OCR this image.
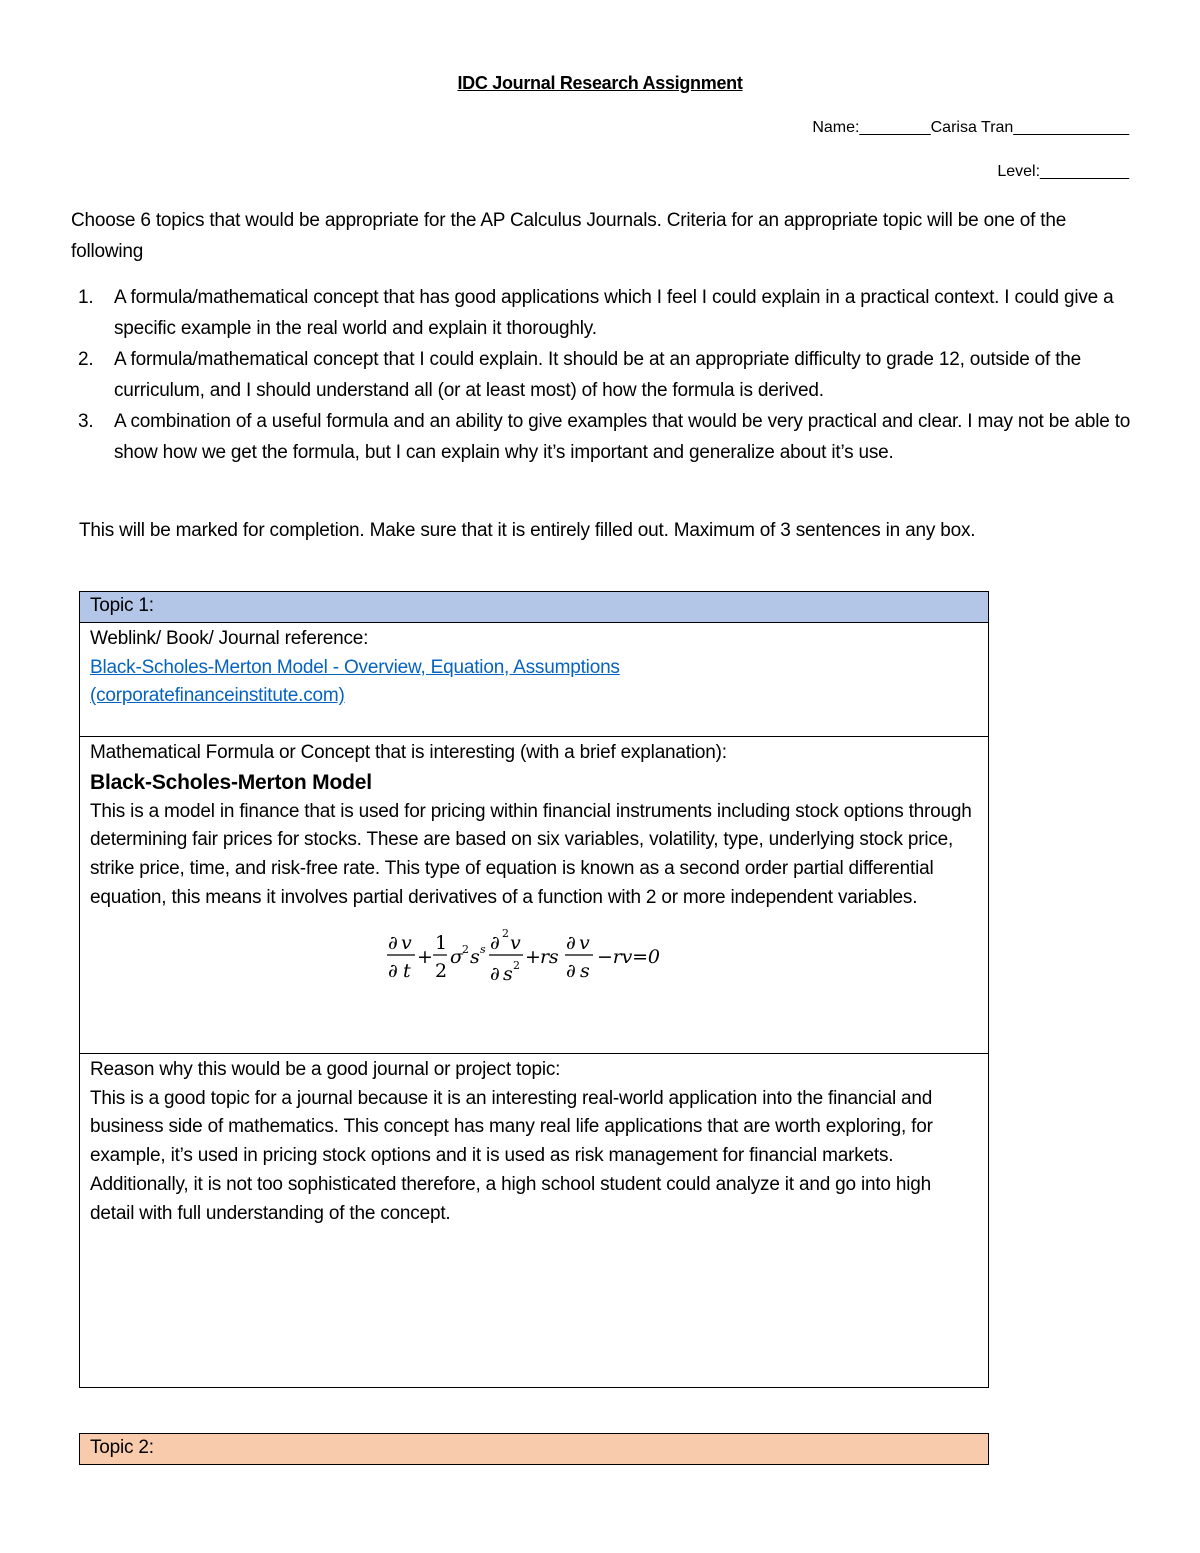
IDC Journal Research Assignment
Name:________Carisa Tran_____________
Level:__________
Choose 6 topics that would be appropriate for the AP Calculus Journals. Criteria for an appropriate topic will be one of the following
1. A formula/mathematical concept that has good applications which I feel I could explain in a practical context. I could give a specific example in the real world and explain it thoroughly.
2. A formula/mathematical concept that I could explain. It should be at an appropriate difficulty to grade 12, outside of the curriculum, and I should understand all (or at least most) of how the formula is derived.
3. A combination of a useful formula and an ability to give examples that would be very practical and clear. I may not be able to show how we get the formula, but I can explain why it’s important and generalize about it’s use.
This will be marked for completion. Make sure that it is entirely filled out. Maximum of 3 sentences in any box.
Topic 1:
Weblink/ Book/ Journal reference:
Black-Scholes-Merton Model - Overview, Equation, Assumptions
(corporatefinanceinstitute.com)
Mathematical Formula or Concept that is interesting (with a brief explanation):
Black-Scholes-Merton Model
This is a model in finance that is used for pricing within financial instruments including stock options through determining fair prices for stocks. These are based on six variables, volatility, type, underlying stock price, strike price, time, and risk-free rate. This type of equation is known as a second order partial differential equation, this means it involves partial derivatives of a function with 2 or more independent variables.
∂ v
∂ t
+
1
2
σ 2 s s ∂ 2 v
∂ s 2 + rs
∂ v
∂ s
−rv=0
Reason why this would be a good journal or project topic:
This is a good topic for a journal because it is an interesting real-world application into the financial and business side of mathematics. This concept has many real life applications that are worth exploring, for example, it’s used in pricing stock options and it is used as risk management for financial markets. Additionally, it is not too sophisticated therefore, a high school student could analyze it and go into high detail with full understanding of the concept.
Topic 2:
